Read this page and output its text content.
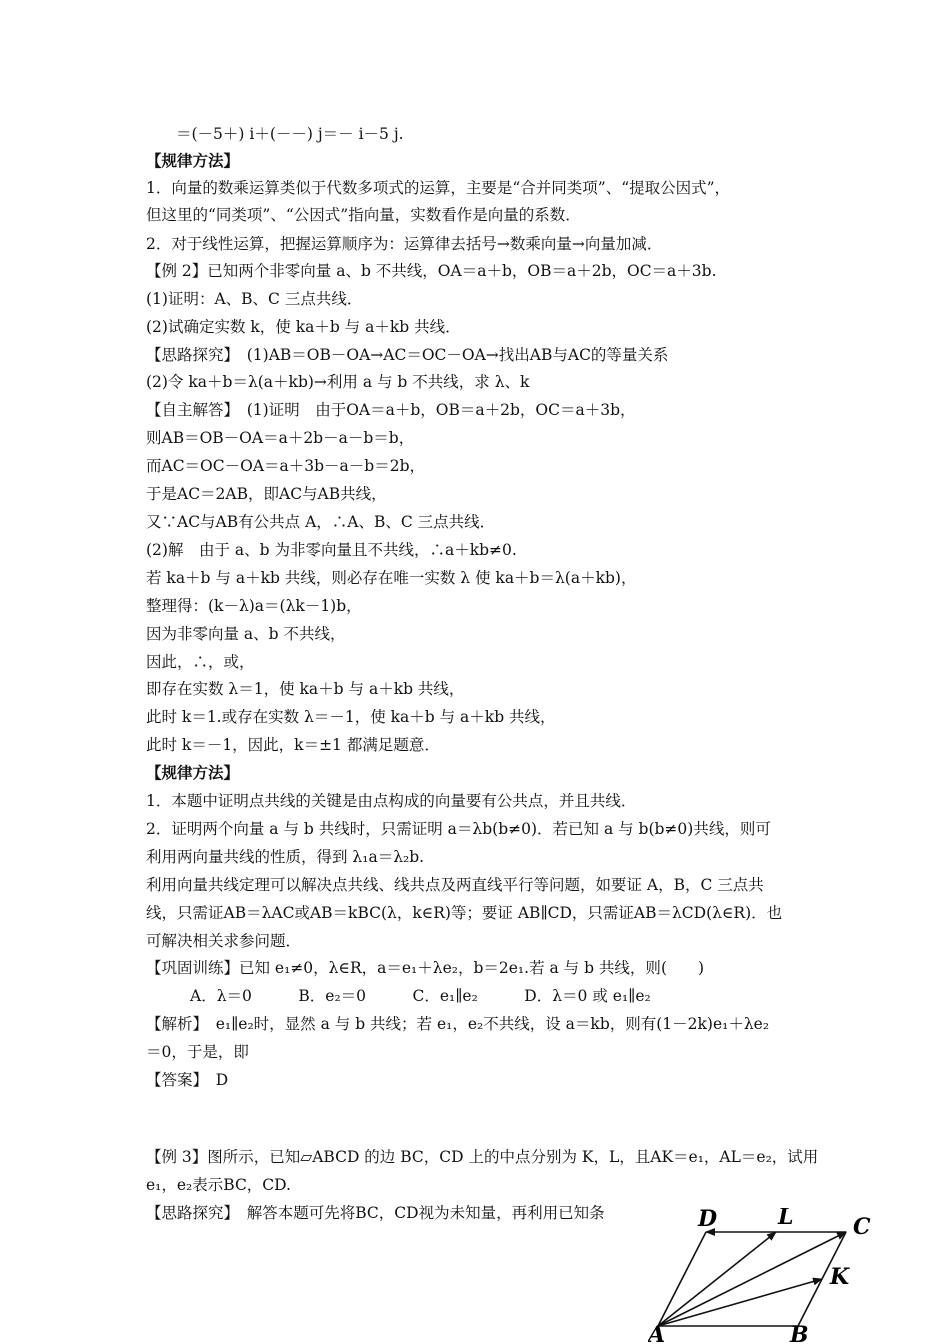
＝(－5＋) i＋(－－) j＝－ i－5 j.
【规律方法】
1．向量的数乘运算类似于代数多项式的运算，主要是“合并同类项”、“提取公因式”，
但这里的“同类项”、“公因式”指向量，实数看作是向量的系数．
2．对于线性运算，把握运算顺序为：运算律去括号→数乘向量→向量加减．
【例 2】已知两个非零向量 a、b 不共线，OA＝a＋b，OB＝a＋2b，OC＝a＋3b.
(1)证明：A、B、C 三点共线．
(2)试确定实数 k，使 ka＋b 与 a＋kb 共线．
【思路探究】　(1)AB＝OB－OA→AC＝OC－OA→找出AB与AC的等量关系
(2)令 ka＋b＝λ(a＋kb)→利用 a 与 b 不共线，求 λ、k
【自主解答】　(1)证明　由于OA＝a＋b，OB＝a＋2b，OC＝a＋3b，
则AB＝OB－OA＝a＋2b－a－b＝b，
而AC＝OC－OA＝a＋3b－a－b＝2b，
于是AC＝2AB，即AC与AB共线，
又∵AC与AB有公共点 A，∴A、B、C 三点共线．
(2)解　由于 a、b 为非零向量且不共线，∴a＋kb≠0.
若 ka＋b 与 a＋kb 共线，则必存在唯一实数 λ 使 ka＋b＝λ(a＋kb)，
整理得：(k－λ)a＝(λk－1)b，
因为非零向量 a、b 不共线，
因此，∴，或，
即存在实数 λ＝1，使 ka＋b 与 a＋kb 共线，
此时 k＝1.或存在实数 λ＝－1，使 ka＋b 与 a＋kb 共线，
此时 k＝－1，因此，k＝±1 都满足题意．
【规律方法】
1．本题中证明点共线的关键是由点构成的向量要有公共点，并且共线．
2．证明两个向量 a 与 b 共线时，只需证明 a＝λb(b≠0)．若已知 a 与 b(b≠0)共线，则可
利用两向量共线的性质，得到 λ₁a＝λ₂b.
利用向量共线定理可以解决点共线、线共点及两直线平行等问题，如要证 A，B，C 三点共
线，只需证AB＝λAC或AB＝kBC(λ，k∈R)等；要证 AB∥CD，只需证AB＝λCD(λ∈R)．也
可解决相关求参问题．
【巩固训练】已知 e₁≠0，λ∈R，a＝e₁＋λe₂，b＝2e₁.若 a 与 b 共线，则(　　)
A．λ＝0　　　B．e₂＝0　　　C．e₁∥e₂　　　D．λ＝0 或 e₁∥e₂
【解析】　e₁∥e₂时，显然 a 与 b 共线；若 e₁，e₂不共线，设 a＝kb，则有(1－2k)e₁＋λe₂
＝0，于是，即
【答案】　D
【例 3】图所示，已知▱ABCD 的边 BC，CD 上的中点分别为 K，L，且AK＝e₁，AL＝e₂，试用
e₁，e₂表示BC，CD.
【思路探究】　解答本题可先将BC，CD视为未知量，再利用已知条
A	B
C
D
K
L
